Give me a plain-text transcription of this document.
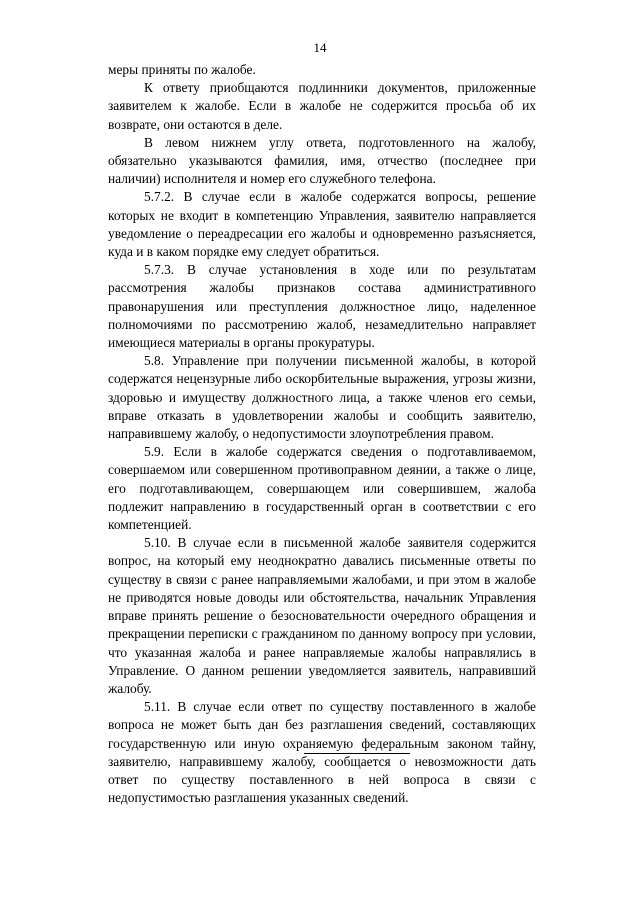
14

меры приняты по жалобе.

К ответу приобщаются подлинники документов, приложенные заявителем к жалобе. Если в жалобе не содержится просьба об их возврате, они остаются в деле.

В левом нижнем углу ответа, подготовленного на жалобу, обязательно указываются фамилия, имя, отчество (последнее при наличии) исполнителя и номер его служебного телефона.

5.7.2. В случае если в жалобе содержатся вопросы, решение которых не входит в компетенцию Управления, заявителю направляется уведомление о переадресации его жалобы и одновременно разъясняется, куда и в каком порядке ему следует обратиться.

5.7.3. В случае установления в ходе или по результатам рассмотрения жалобы признаков состава административного правонарушения или преступления должностное лицо, наделенное полномочиями по рассмотрению жалоб, незамедлительно направляет имеющиеся материалы в органы прокуратуры.

5.8. Управление при получении письменной жалобы, в которой содержатся нецензурные либо оскорбительные выражения, угрозы жизни, здоровью и имуществу должностного лица, а также членов его семьи, вправе отказать в удовлетворении жалобы и сообщить заявителю, направившему жалобу, о недопустимости злоупотребления правом.

5.9. Если в жалобе содержатся сведения о подготавливаемом, совершаемом или совершенном противоправном деянии, а также о лице, его подготавливающем, совершающем или совершившем, жалоба подлежит направлению в государственный орган в соответствии с его компетенцией.

5.10. В случае если в письменной жалобе заявителя содержится вопрос, на который ему неоднократно давались письменные ответы по существу в связи с ранее направляемыми жалобами, и при этом в жалобе не приводятся новые доводы или обстоятельства, начальник Управления вправе принять решение о безосновательности очередного обращения и прекращении переписки с гражданином по данному вопросу при условии, что указанная жалоба и ранее направляемые жалобы направлялись в Управление. О данном решении уведомляется заявитель, направивший жалобу.

5.11. В случае если ответ по существу поставленного в жалобе вопроса не может быть дан без разглашения сведений, составляющих государственную или иную охраняемую федеральным законом тайну, заявителю, направившему жалобу, сообщается о невозможности дать ответ по существу поставленного в ней вопроса в связи с недопустимостью разглашения указанных сведений.
